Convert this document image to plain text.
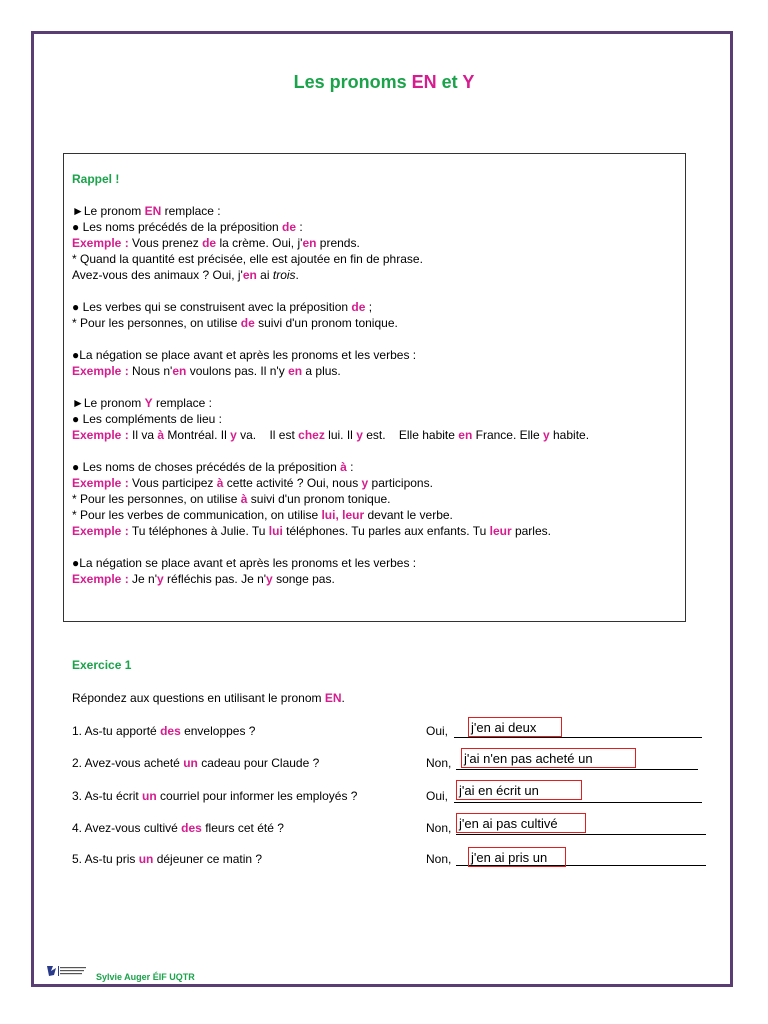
Les pronoms EN et Y
Rappel !
►Le pronom EN remplace :
● Les noms précédés de la préposition de :
Exemple : Vous prenez de la crème. Oui, j'en prends.
* Quand la quantité est précisée, elle est ajoutée en fin de phrase.
Avez-vous des animaux ? Oui, j'en ai trois.
● Les verbes qui se construisent avec la préposition de ;
* Pour les personnes, on utilise de suivi d'un pronom tonique.
●La négation se place avant et après les pronoms et les verbes :
Exemple : Nous n'en voulons pas. Il n'y en a plus.
►Le pronom Y remplace :
● Les compléments de lieu :
Exemple : Il va à Montréal. Il y va.    Il est chez lui. Il y est.    Elle habite en France. Elle y habite.
● Les noms de choses précédés de la préposition à :
Exemple : Vous participez à cette activité ? Oui, nous y participons.
* Pour les personnes, on utilise à suivi d'un pronom tonique.
* Pour les verbes de communication, on utilise lui, leur devant le verbe.
Exemple : Tu téléphones à Julie. Tu lui téléphones. Tu parles aux enfants. Tu leur parles.
●La négation se place avant et après les pronoms et les verbes :
Exemple : Je n'y réfléchis pas. Je n'y songe pas.
Exercice 1
Répondez aux questions en utilisant le pronom EN.
1. As-tu apporté des enveloppes ?	Oui, j'en ai deux
2. Avez-vous acheté un cadeau pour Claude ?	Non, j'ai n'en pas acheté un
3. As-tu écrit un courriel pour informer les employés ?	Oui, j'ai en écrit un
4. Avez-vous cultivé des fleurs cet été ?	Non, j'en ai pas cultivé
5. As-tu pris un déjeuner ce matin ?	Non, j'en ai pris un
Sylvie Auger ÉIF UQTR
